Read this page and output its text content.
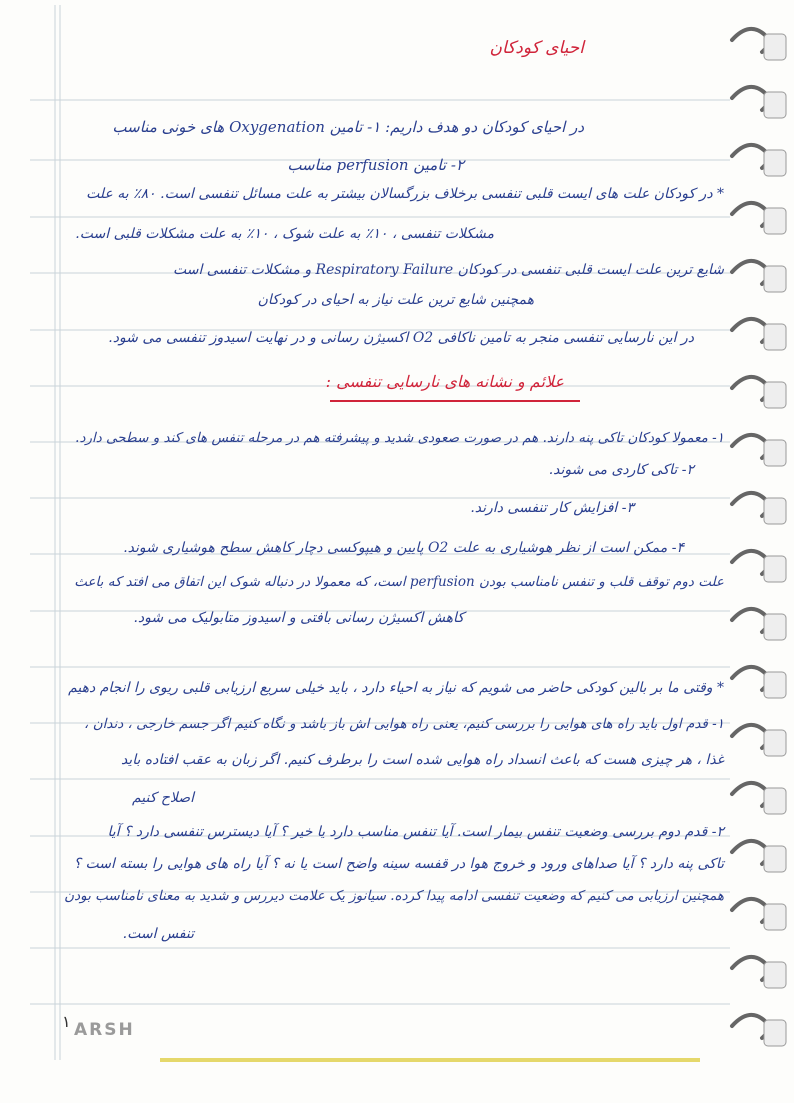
احیای کودکان
در احیای کودکان دو هدف داریم: ۱- تامین Oxygenation های خونی مناسب
۲- تامین perfusion مناسب
* در کودکان علت های ایست قلبی تنفسی برخلاف بزرگسالان بیشتر به علت مسائل تنفسی است. ۸۰٪ به علت
مشکلات تنفسی ، ۱۰٪ به علت شوک ، ۱۰٪ به علت مشکلات قلبی است.
شایع ترین علت ایست قلبی تنفسی در کودکان Respiratory Failure و مشکلات تنفسی است
همچنین شایع ترین علت نیاز به احیای در کودکان
در این نارسایی تنفسی منجر به تامین ناکافی O2 اکسیژن رسانی و در نهایت اسیدوز تنفسی می شود.
علائم و نشانه های نارسایی تنفسی :
۱- معمولا کودکان تاکی پنه دارند. هم در صورت صعودی شدید و پیشرفته هم در مرحله تنفس های کند و سطحی دارد.
۲- تاکی کاردی می شوند.
۳- افزایش کار تنفسی دارند.
۴- ممکن است از نظر هوشیاری به علت O2 پایین و هیپوکسی دچار کاهش سطح هوشیاری شوند.
علت دوم توقف قلب و تنفس نامناسب بودن perfusion است، که معمولا در دنباله شوک این اتفاق می افتد که باعث
کاهش اکسیژن رسانی بافتی و اسیدوز متابولیک می شود.
* وقتی ما بر بالین کودکی حاضر می شویم که نیاز به احیاء دارد ، باید خیلی سریع ارزیابی قلبی ریوی را انجام دهیم
۱- قدم اول باید راه های هوایی را بررسی کنیم، یعنی راه هوایی اش باز باشد و نگاه کنیم اگر جسم خارجی ، دندان ،
غذا ، هر چیزی هست که باعث انسداد راه هوایی شده است را برطرف کنیم. اگر زبان به عقب افتاده باید
اصلاح کنیم
۲- قدم دوم بررسی وضعیت تنفس بیمار است. آیا تنفس مناسب دارد یا خیر ؟ آیا دیسترس تنفسی دارد ؟ آیا
تاکی پنه دارد ؟ آیا صداهای ورود و خروج هوا در قفسه سینه واضح است یا نه ؟ آیا راه های هوایی را بسته است ؟
همچنین ارزیابی می کنیم که وضعیت تنفسی ادامه پیدا کرده. سیانوز یک علامت دیررس و شدید به معنای نامناسب بودن
تنفس است.
۱ ARSH
